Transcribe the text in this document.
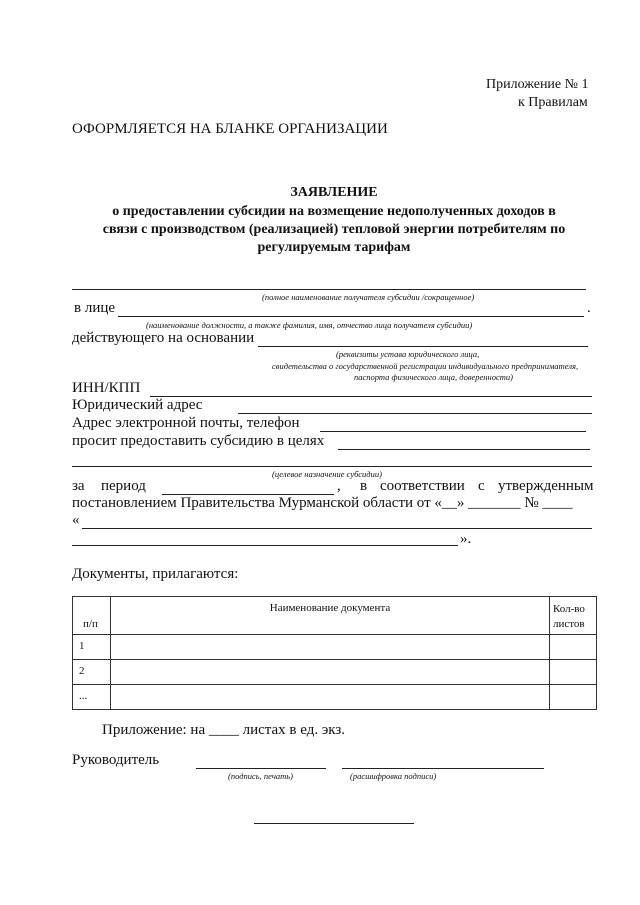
Приложение № 1
к Правилам
ОФОРМЛЯЕТСЯ НА БЛАНКЕ ОРГАНИЗАЦИИ
ЗАЯВЛЕНИЕ
о предоставлении субсидии на возмещение недополученных доходов в
связи с производством (реализацией) тепловой энергии потребителям по
регулируемым тарифам
(полное наименование получателя субсидии /сокращенное)
в лице	.
(наименование должности, а также фамилия, имя, отчество лица получателя субсидии)
действующего на основании
(реквизиты устава юридического лица,
свидетельства о государственной регистрации индивидуального предпринимателя,
паспорта физического лица, доверенности)
ИНН/КПП
Юридический адрес
Адрес электронной почты, телефон
просит предоставить субсидию в целях
(целевое назначение субсидии)
за период	, в соответствии с утвержденным
постановлением Правительства Мурманской области от «__» _______ № ____
«
».
Документы, прилагаются:
п/п	Наименование документа	Кол-во листов
1		
2		
...		
Приложение: на ____ листах в ед. экз.
Руководитель
(подпись, печать)	(расшифровка подписи)
